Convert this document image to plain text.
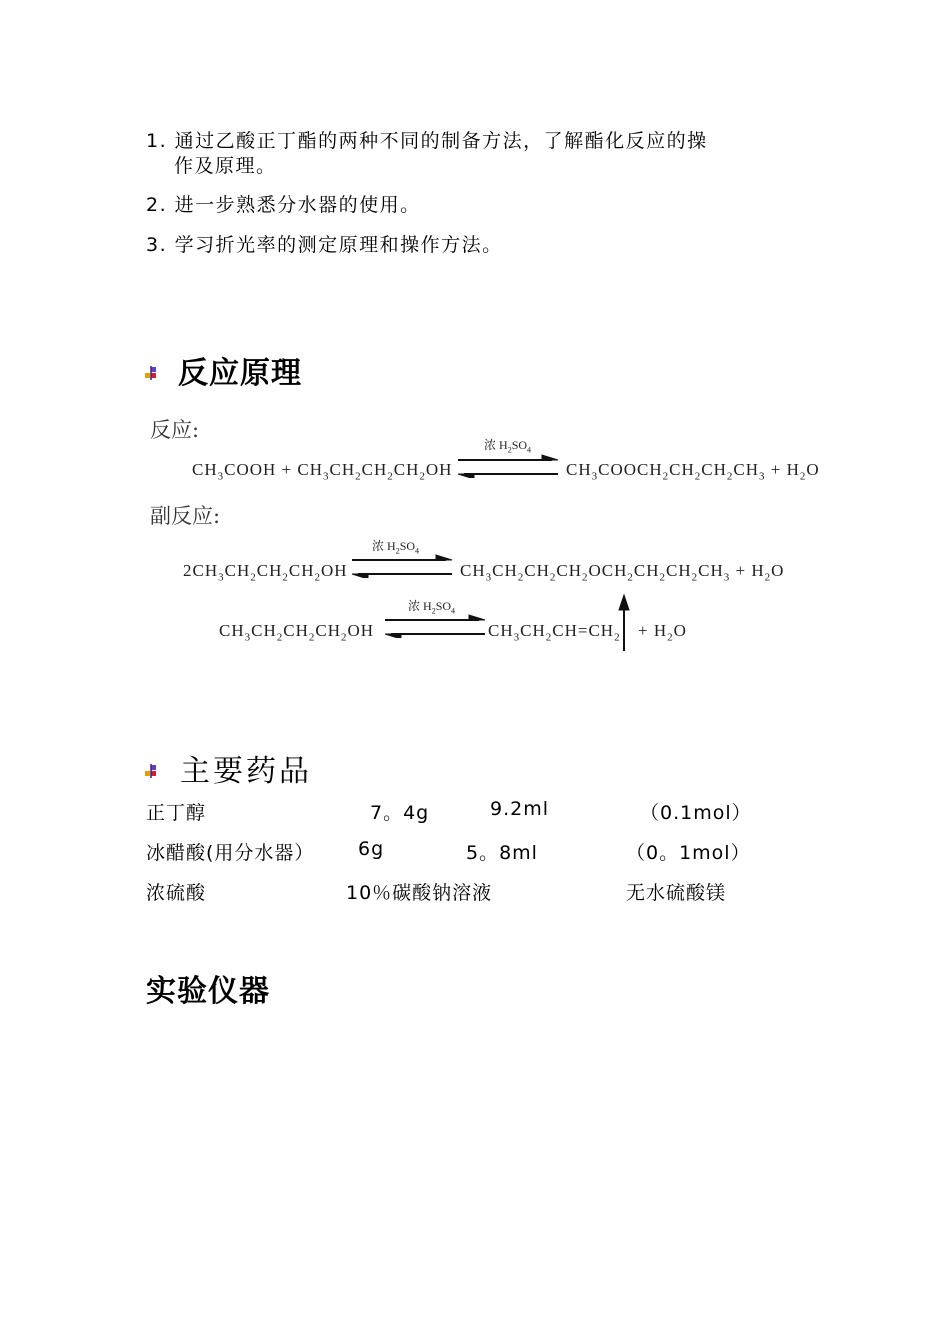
1. 通过乙酸正丁酯的两种不同的制备方法，了解酯化反应的操
作及原理。
2. 进一步熟悉分水器的使用。
3. 学习折光率的测定原理和操作方法。
反应原理
反应:
$CH_3COOH + CH_3CH_2CH_2CH_2OH$
浓 $H_2SO_4$
$CH_3COOCH_2CH_2CH_2CH_3 + H_2O$
副反应:
$2CH_3CH_2CH_2CH_2OH$
浓 $H_2SO_4$
$CH_3CH_2CH_2CH_2OCH_2CH_2CH_2CH_3 + H_2O$
$CH_3CH_2CH_2CH_2OH$
浓 $H_2SO_4$
$CH_3CH_2CH=CH_2 + H_2O$
主要药品
正丁醇	7。4g	9.2ml	（0.1mol）
冰醋酸(用分水器） 6g	5。8ml	（0。1mol）
浓硫酸	10％碳酸钠溶液	无水硫酸镁
实验仪器
